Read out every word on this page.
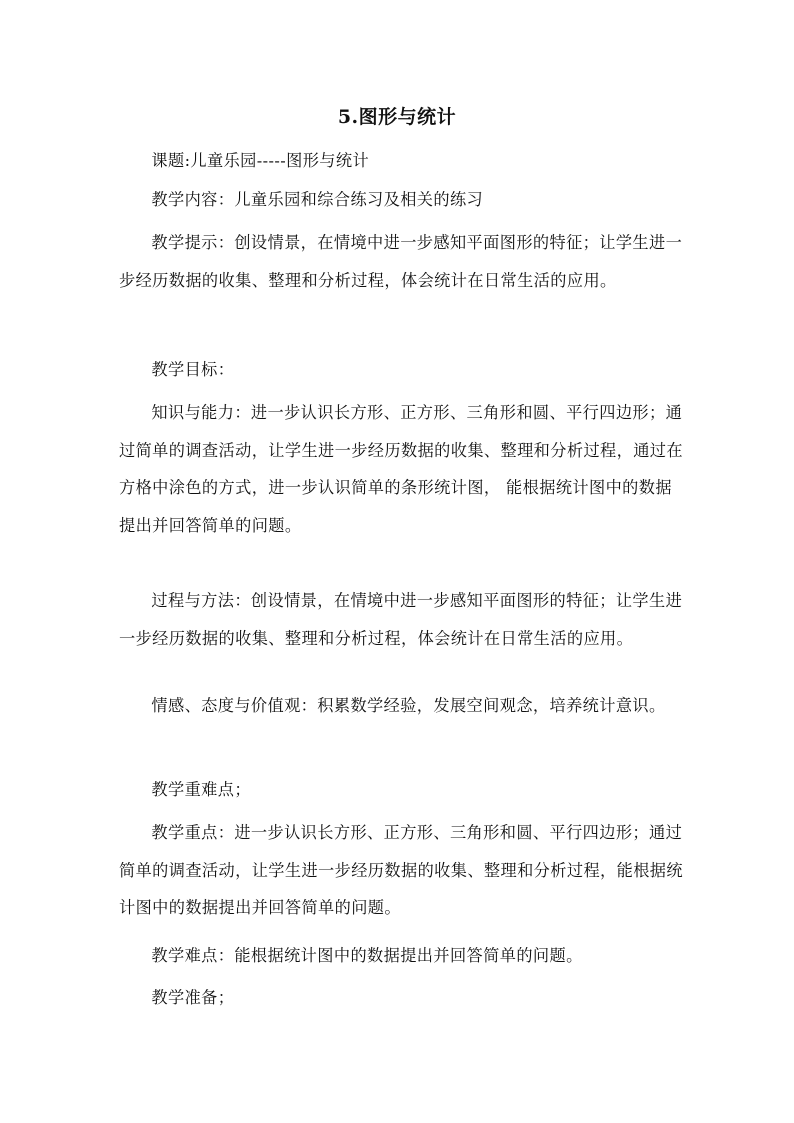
5.图形与统计
课题:儿童乐园-----图形与统计
教学内容：儿童乐园和综合练习及相关的练习
教学提示：创设情景，在情境中进一步感知平面图形的特征；让学生进一步经历数据的收集、整理和分析过程，体会统计在日常生活的应用。
教学目标：
知识与能力：进一步认识长方形、正方形、三角形和圆、平行四边形；通过简单的调查活动，让学生进一步经历数据的收集、整理和分析过程，通过在方格中涂色的方式，进一步认识简单的条形统计图， 能根据统计图中的数据提出并回答简单的问题。
过程与方法：创设情景，在情境中进一步感知平面图形的特征；让学生进一步经历数据的收集、整理和分析过程，体会统计在日常生活的应用。
情感、态度与价值观：积累数学经验，发展空间观念，培养统计意识。
教学重难点；
教学重点：进一步认识长方形、正方形、三角形和圆、平行四边形；通过简单的调查活动，让学生进一步经历数据的收集、整理和分析过程，能根据统计图中的数据提出并回答简单的问题。
教学难点：能根据统计图中的数据提出并回答简单的问题。
教学准备；
